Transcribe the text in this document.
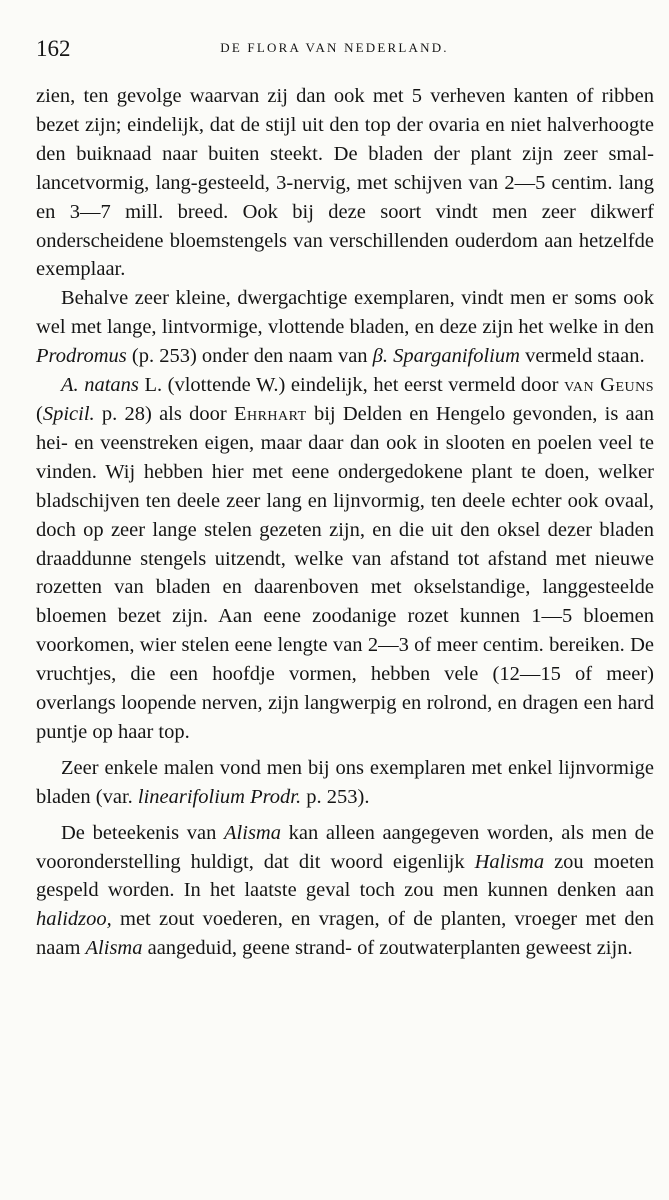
162	DE FLORA VAN NEDERLAND.

zien, ten gevolge waarvan zij dan ook met 5 verheven kanten of ribben bezet zijn; eindelijk, dat de stijl uit den top der ovaria en niet halverhoogte den buiknaad naar buiten steekt. De bladen der plant zijn zeer smal-lancetvormig, lang-gesteeld, 3-nervig, met schijven van 2—5 centim. lang en 3—7 mill. breed. Ook bij deze soort vindt men zeer dikwerf onderscheidene bloemstengels van verschillenden ouderdom aan hetzelfde exemplaar.

Behalve zeer kleine, dwergachtige exemplaren, vindt men er soms ook wel met lange, lintvormige, vlottende bladen, en deze zijn het welke in den Prodromus (p. 253) onder den naam van β. Sparganifolium vermeld staan.

A. natans L. (vlottende W.) eindelijk, het eerst vermeld door van Geuns (Spicil. p. 28) als door Ehrhart bij Delden en Hengelo gevonden, is aan hei- en veenstreken eigen, maar daar dan ook in slooten en poelen veel te vinden. Wij hebben hier met eene ondergedokene plant te doen, welker bladschijven ten deele zeer lang en lijnvormig, ten deele echter ook ovaal, doch op zeer lange stelen gezeten zijn, en die uit den oksel dezer bladen draaddunne stengels uitzendt, welke van afstand tot afstand met nieuwe rozetten van bladen en daarenboven met okselstandige, langgesteelde bloemen bezet zijn. Aan eene zoodanige rozet kunnen 1—5 bloemen voorkomen, wier stelen eene lengte van 2—3 of meer centim. bereiken. De vruchtjes, die een hoofdje vormen, hebben vele (12—15 of meer) overlangs loopende nerven, zijn langwerpig en rolrond, en dragen een hard puntje op haar top.

Zeer enkele malen vond men bij ons exemplaren met enkel lijnvormige bladen (var. linearifolium Prodr. p. 253).

De beteekenis van Alisma kan alleen aangegeven worden, als men de vooronderstelling huldigt, dat dit woord eigenlijk Halisma zou moeten gespeld worden. In het laatste geval toch zou men kunnen denken aan halidzoo, met zout voederen, en vragen, of de planten, vroeger met den naam Alisma aangeduid, geene strand- of zoutwaterplanten geweest zijn.
